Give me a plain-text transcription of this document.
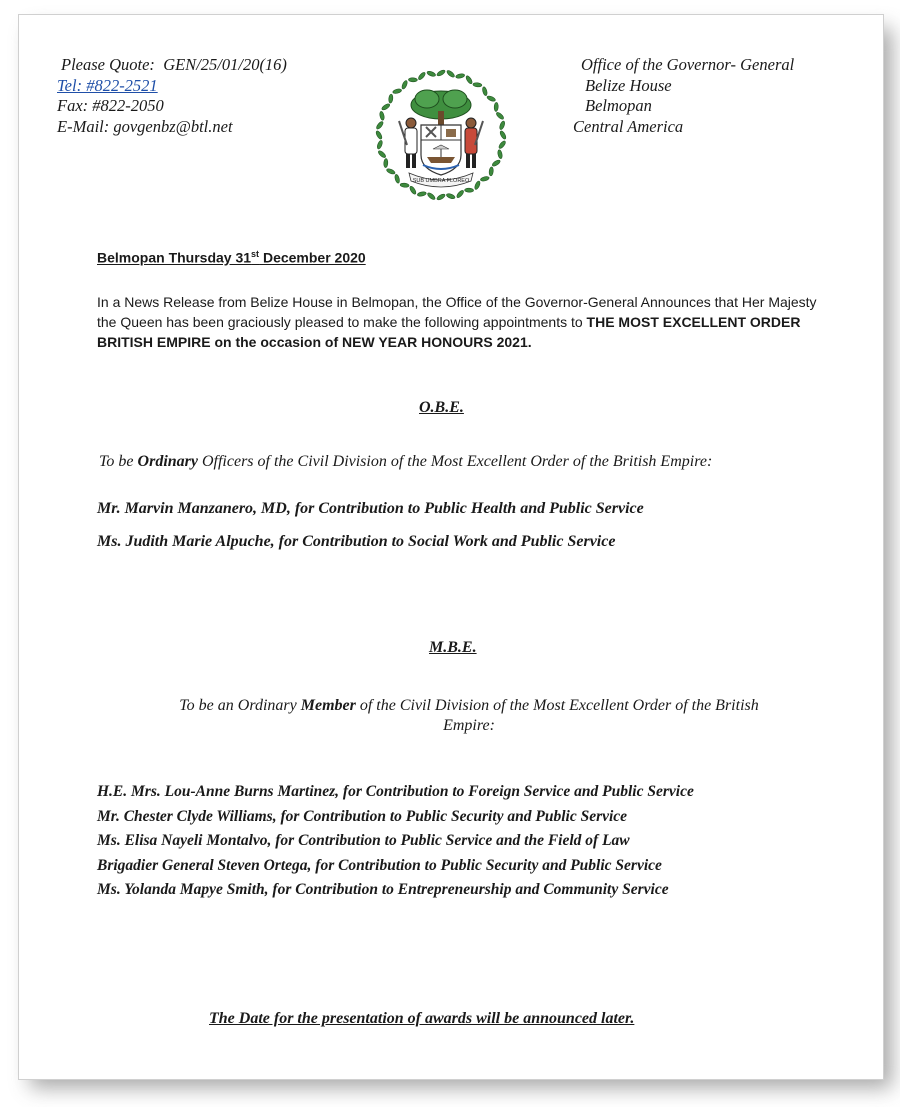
Please Quote: GEN/25/01/20(16)
Tel: #822-2521
Fax: #822-2050
E-Mail: govgenbz@btl.net
Office of the Governor- General
Belize House
Belmopan
Central America
SUB UMBRA FLOREO
Belmopan Thursday 31st December 2020
In a News Release from Belize House in Belmopan, the Office of the Governor-General Announces that Her Majesty the Queen has been graciously pleased to make the following appointments to THE MOST EXCELLENT ORDER BRITISH EMPIRE on the occasion of NEW YEAR HONOURS 2021.
O.B.E.
To be Ordinary Officers of the Civil Division of the Most Excellent Order of the British Empire:
Mr. Marvin Manzanero, MD, for Contribution to Public Health and Public Service
Ms. Judith Marie Alpuche, for Contribution to Social Work and Public Service
M.B.E.
To be an Ordinary Member of the Civil Division of the Most Excellent Order of the British
Empire:
H.E. Mrs. Lou-Anne Burns Martinez, for Contribution to Foreign Service and Public Service
Mr. Chester Clyde Williams, for Contribution to Public Security and Public Service
Ms. Elisa Nayeli Montalvo, for Contribution to Public Service and the Field of Law
Brigadier General Steven Ortega, for Contribution to Public Security and Public Service
Ms. Yolanda Mapye Smith, for Contribution to Entrepreneurship and Community Service
The Date for the presentation of awards will be announced later.
